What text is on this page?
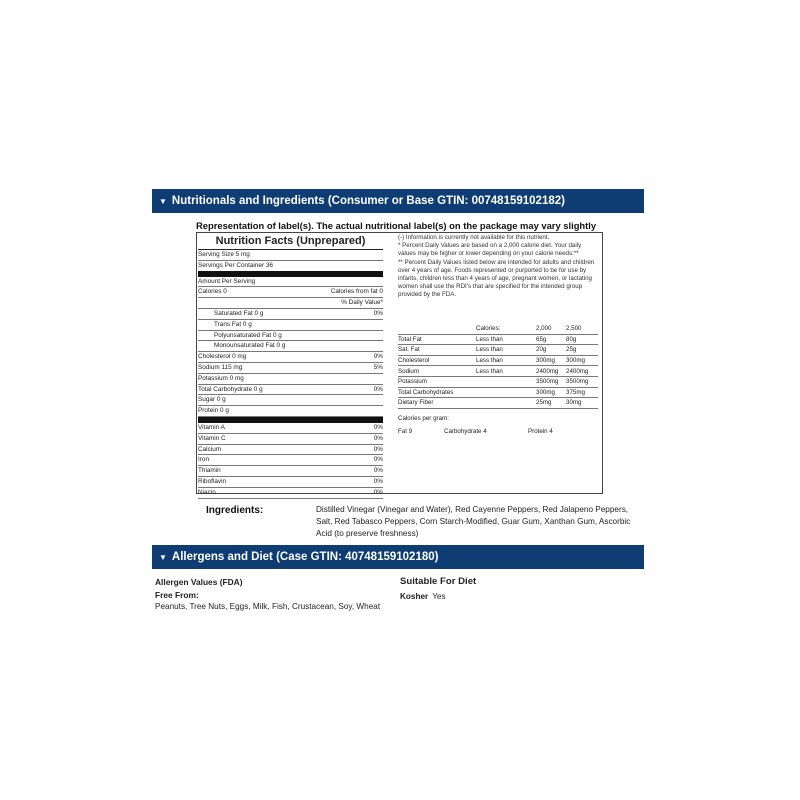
▼ Nutritionals and Ingredients (Consumer or Base GTIN: 00748159102182)
Representation of label(s). The actual nutritional label(s) on the package may vary slightly
Nutrition Facts (Unprepared)
Serving Size 5 mg
Servings Per Container 36
Amount Per Serving
Calories 0	Calories from fat 0
% Daily Value*
Saturated Fat 0 g	0%
Trans Fat 0 g
Polyunsaturated Fat 0 g
Monounsaturated Fat 0 g
Cholesterol 0 mg	0%
Sodium 115 mg	5%
Potassium 0 mg
Total Carbohydrate 0 g	0%
Sugar 0 g
Protein 0 g
Vitamin A	0%
Vitamin C	0%
Calcium	0%
Iron	0%
Thiamin	0%
Riboflavin	0%
Niacin	0%
(-) Information is currently not available for this nutrient.
* Percent Daily Values are based on a 2,000 calorie diet. Your daily values may be higher or lower depending on your calorie needs:**
** Percent Daily Values listed below are intended for adults and children over 4 years of age. Foods represented or purported to be for use by infants, children less than 4 years of age, pregnant women, or lactating women shall use the RDI's that are specified for the intended group provided by the FDA.
	Calories:	2,000	2,500
Total Fat	Less than	65g	80g
Sat. Fat	Less than	20g	25g
Cholesterol	Less than	300mg	300mg
Sodium	Less than	2400mg	2400mg
Potassium		3500mg	3500mg
Total Carbohydrates		300mg	375mg
Dietary Fiber		25mg	30mg
Calories per gram:
Fat 9	Carbohydrate 4	Protein 4
Ingredients:	Distilled Vinegar (Vinegar and Water), Red Cayenne Peppers, Red Jalapeno Peppers, Salt, Red Tabasco Peppers, Corn Starch-Modified, Guar Gum, Xanthan Gum, Ascorbic Acid (to preserve freshness)
▼ Allergens and Diet (Case GTIN: 40748159102180)
Allergen Values (FDA)
Free From:
Peanuts, Tree Nuts, Eggs, Milk, Fish, Crustacean, Soy, Wheat
Suitable For Diet
Kosher Yes
